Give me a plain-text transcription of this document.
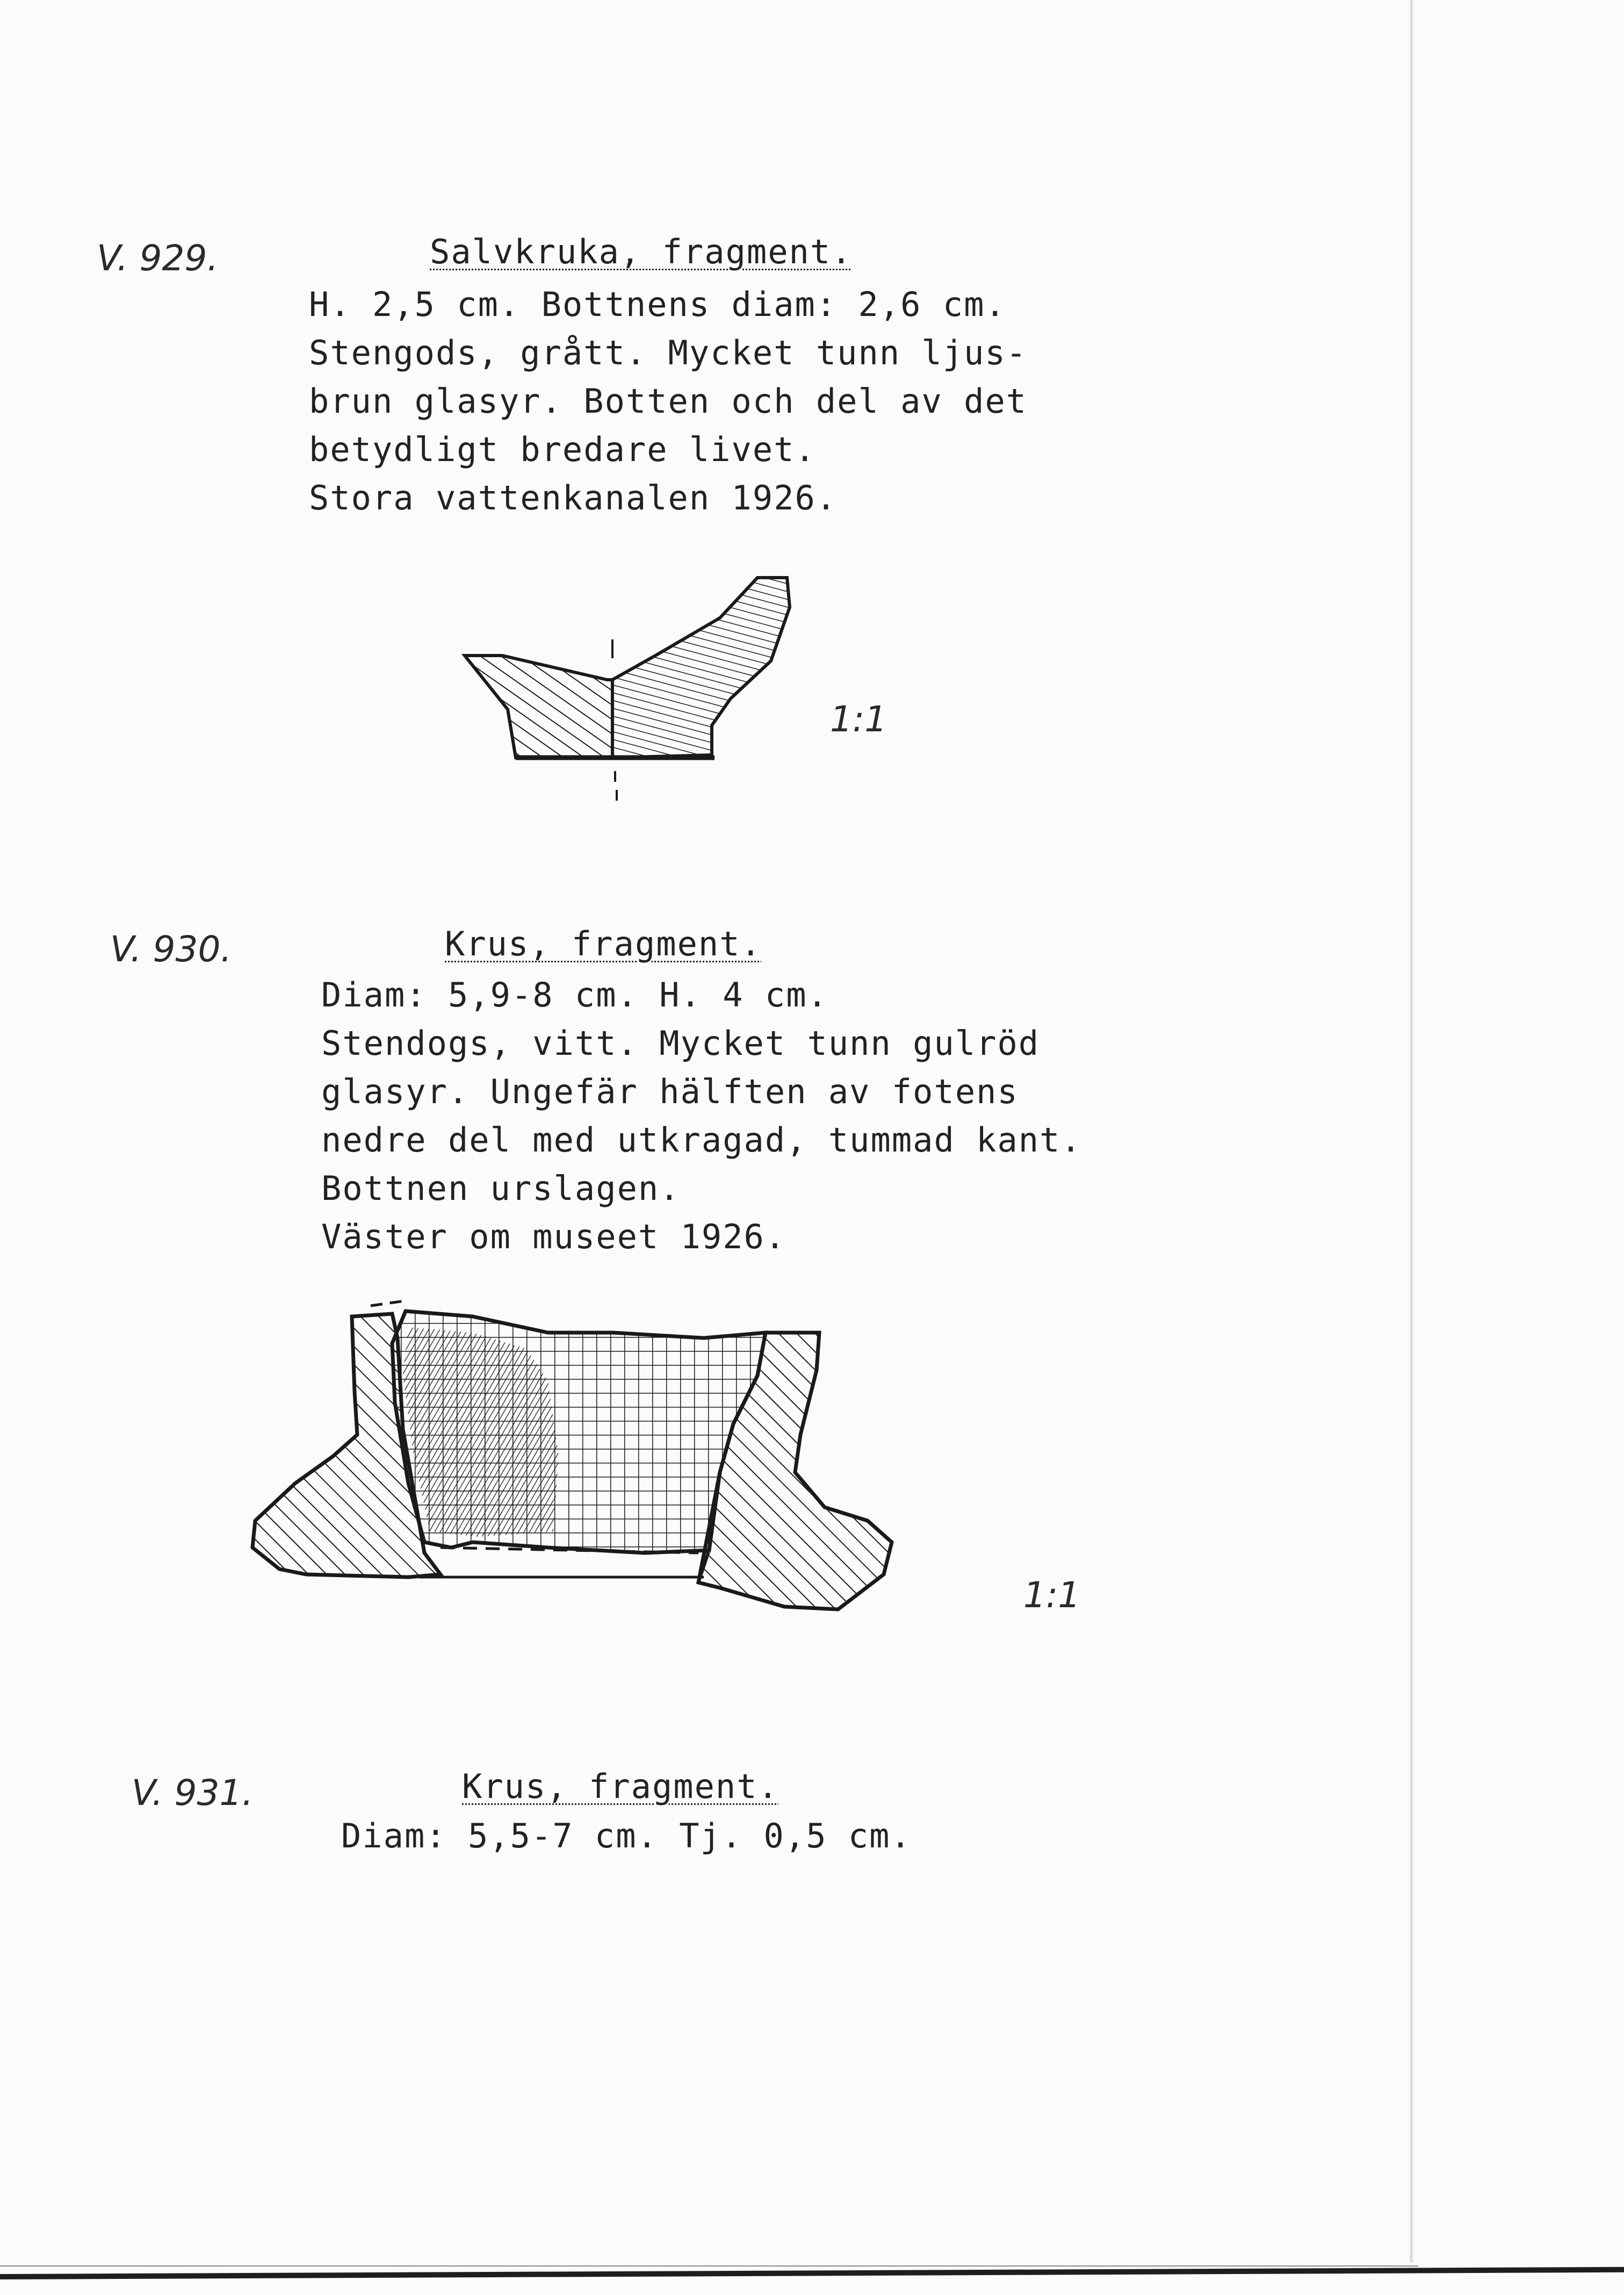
V. 929.	Salvkruka, fragment.
H. 2,5 cm. Bottnens diam: 2,6 cm.
Stengods, grått. Mycket tunn ljus-
brun glasyr. Botten och del av det
betydligt bredare livet.
Stora vattenkanalen 1926.
1:1
V. 930.	Krus, fragment.
Diam: 5,9-8 cm. H. 4 cm.
Stendogs, vitt. Mycket tunn gulröd
glasyr. Ungefär hälften av fotens
nedre del med utkragad, tummad kant.
Bottnen urslagen.
Väster om museet 1926.
1:1
V. 931.	Krus, fragment.
Diam: 5,5-7 cm. Tj. 0,5 cm.
